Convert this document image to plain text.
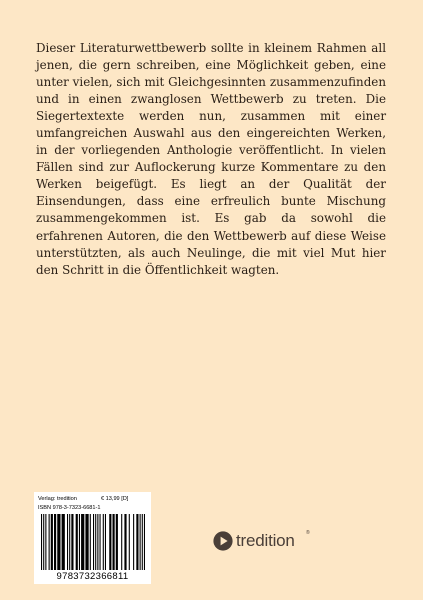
Dieser Literaturwettbewerb sollte in kleinem Rahmen all jenen, die gern schreiben, eine Möglichkeit geben, eine unter vielen, sich mit Gleichgesinnten zusammenzufinden und in einen zwanglosen Wettbewerb zu treten. Die Siegertextexte werden nun, zusammen mit einer umfangreichen Auswahl aus den eingereichten Werken, in der vorliegenden Anthologie veröffentlicht. In vielen Fällen sind zur Auflockerung kurze Kommentare zu den Werken beigefügt. Es liegt an der Qualität der Einsendungen, dass eine erfreulich bunte Mischung zusammengekommen ist. Es gab da sowohl die erfahrenen Autoren, die den Wettbewerb auf diese Weise unterstützten, als auch Neulinge, die mit viel Mut hier den Schritt in die Öffentlichkeit wagten.

Verlag: tredition	€ 13,99 [D]
ISBN 978-3-7323-6681-1
9783732366811
tredition ®
